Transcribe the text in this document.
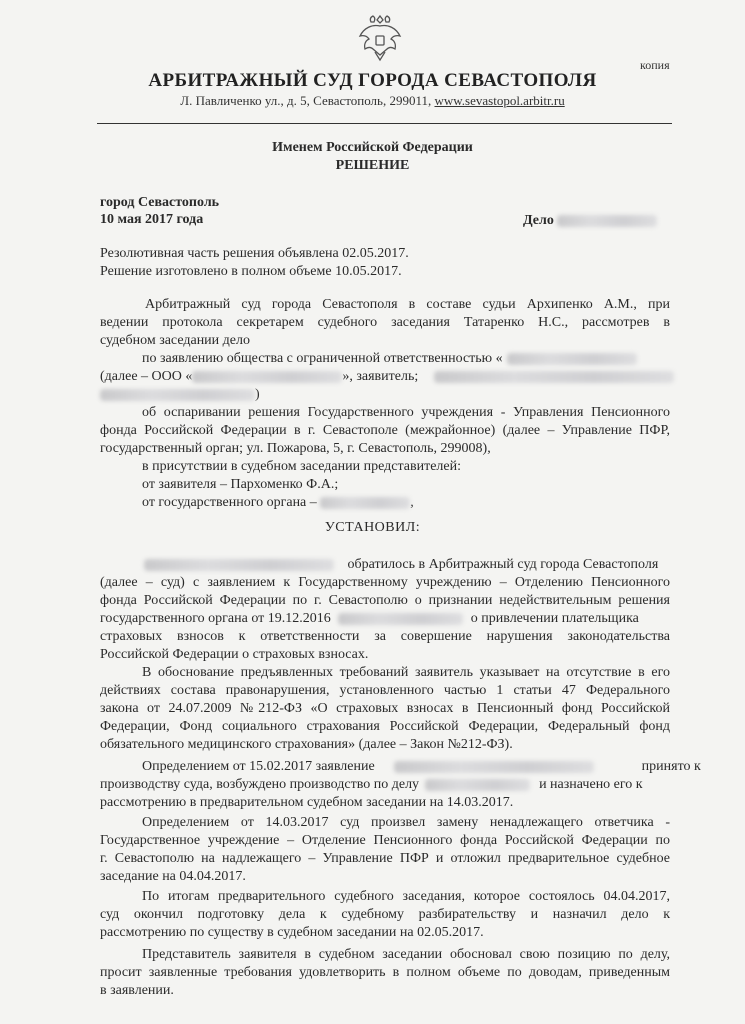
копия
АРБИТРАЖНЫЙ СУД ГОРОДА СЕВАСТОПОЛЯ
Л. Павличенко ул., д. 5, Севастополь, 299011, www.sevastopol.arbitr.ru
Именем Российской Федерации
РЕШЕНИЕ
город Севастополь
10 мая 2017 года	Дело
Резолютивная часть решения объявлена 02.05.2017.
Решение изготовлено в полном объеме 10.05.2017.
Арбитражный суд города Севастополя в составе судьи Архипенко А.М., при
ведении протокола секретарем судебного заседания Татаренко Н.С., рассмотрев в
судебном заседании дело
по заявлению общества с ограниченной ответственностью «
(далее – ООО «	», заявитель;
)
об оспаривании решения Государственного учреждения - Управления Пенсионного
фонда Российской Федерации в г. Севастополе (межрайонное) (далее – Управление ПФР,
государственный орган; ул. Пожарова, 5, г. Севастополь, 299008),
в присутствии в судебном заседании представителей:
от заявителя – Пархоменко Ф.А.;
от государственного органа –	,
УСТАНОВИЛ:
обратилось в Арбитражный суд города Севастополя
(далее – суд) с заявлением к Государственному учреждению – Отделению Пенсионного
фонда Российской Федерации по г. Севастополю о признании недействительным решения
государственного органа от 19.12.2016	о привлечении плательщика
страховых взносов к ответственности за совершение нарушения законодательства
Российской Федерации о страховых взносах.
В обоснование предъявленных требований заявитель указывает на отсутствие в его
действиях состава правонарушения, установленного частью 1 статьи 47 Федерального
закона от 24.07.2009 №212-ФЗ «О страховых взносах в Пенсионный фонд Российской
Федерации, Фонд социального страхования Российской Федерации, Федеральный фонд
обязательного медицинского страхования» (далее – Закон №212-ФЗ).
Определением от 15.02.2017 заявление	принято к
производству суда, возбуждено производство по делу	и назначено его к
рассмотрению в предварительном судебном заседании на 14.03.2017.
Определением от 14.03.2017 суд произвел замену ненадлежащего ответчика -
Государственное учреждение – Отделение Пенсионного фонда Российской Федерации по
г. Севастополю на надлежащего – Управление ПФР и отложил предварительное судебное
заседание на 04.04.2017.
По итогам предварительного судебного заседания, которое состоялось 04.04.2017,
суд окончил подготовку дела к судебному разбирательству и назначил дело к
рассмотрению по существу в судебном заседании на 02.05.2017.
Представитель заявителя в судебном заседании обосновал свою позицию по делу,
просит заявленные требования удовлетворить в полном объеме по доводам, приведенным
в заявлении.
